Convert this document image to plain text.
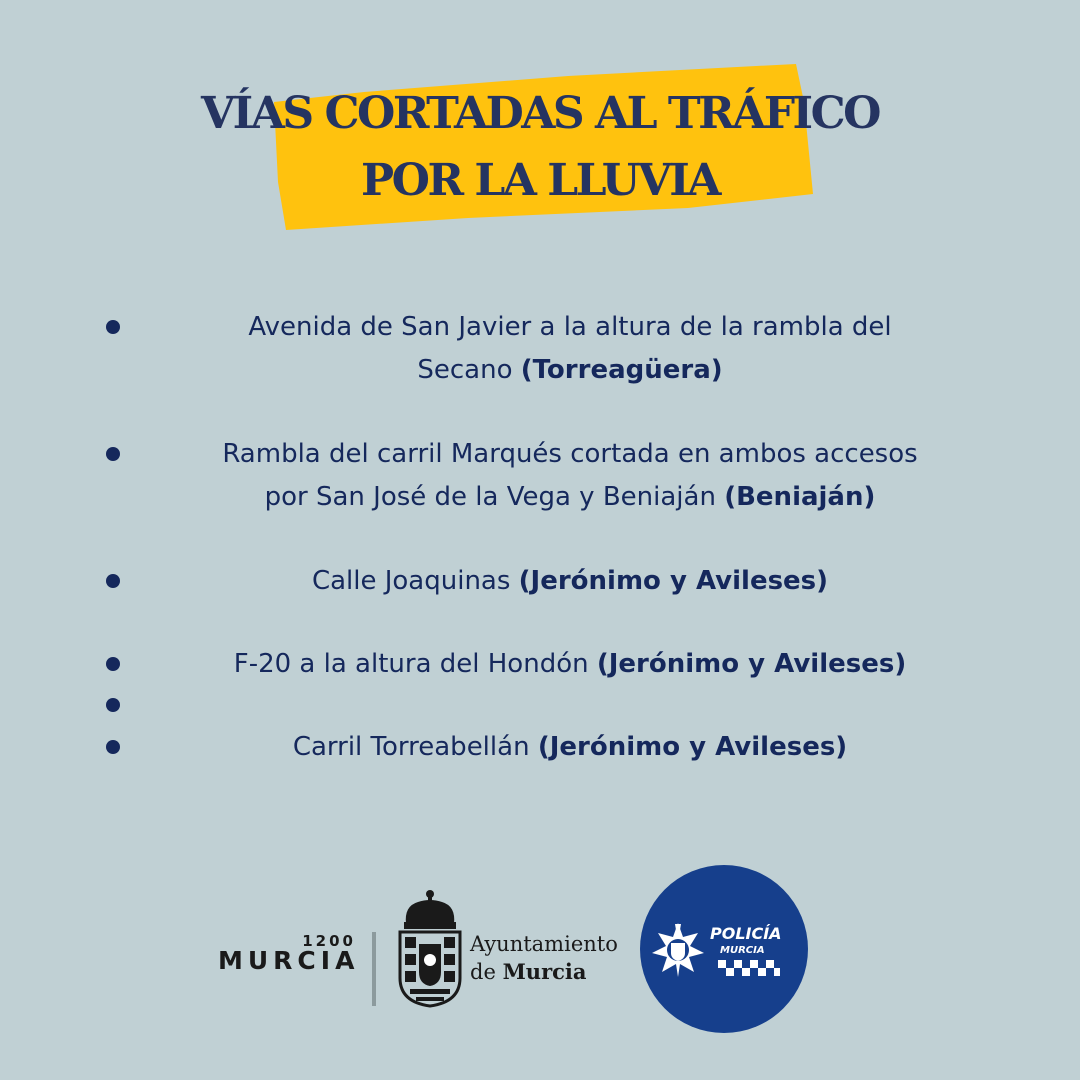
VÍAS CORTADAS AL TRÁFICO
POR LA LLUVIA
Avenida de San Javier a la altura de la rambla del
Secano (Torreagüera)
Rambla del carril Marqués cortada en ambos accesos
por San José de la Vega y Beniaján (Beniaján)
Calle Joaquinas (Jerónimo y Avileses)
F-20 a la altura del Hondón (Jerónimo y Avileses)
Carril Torreabellán (Jerónimo y Avileses)
1200
MURCIA
Ayuntamiento
de Murcia
POLICÍA
MURCIA
